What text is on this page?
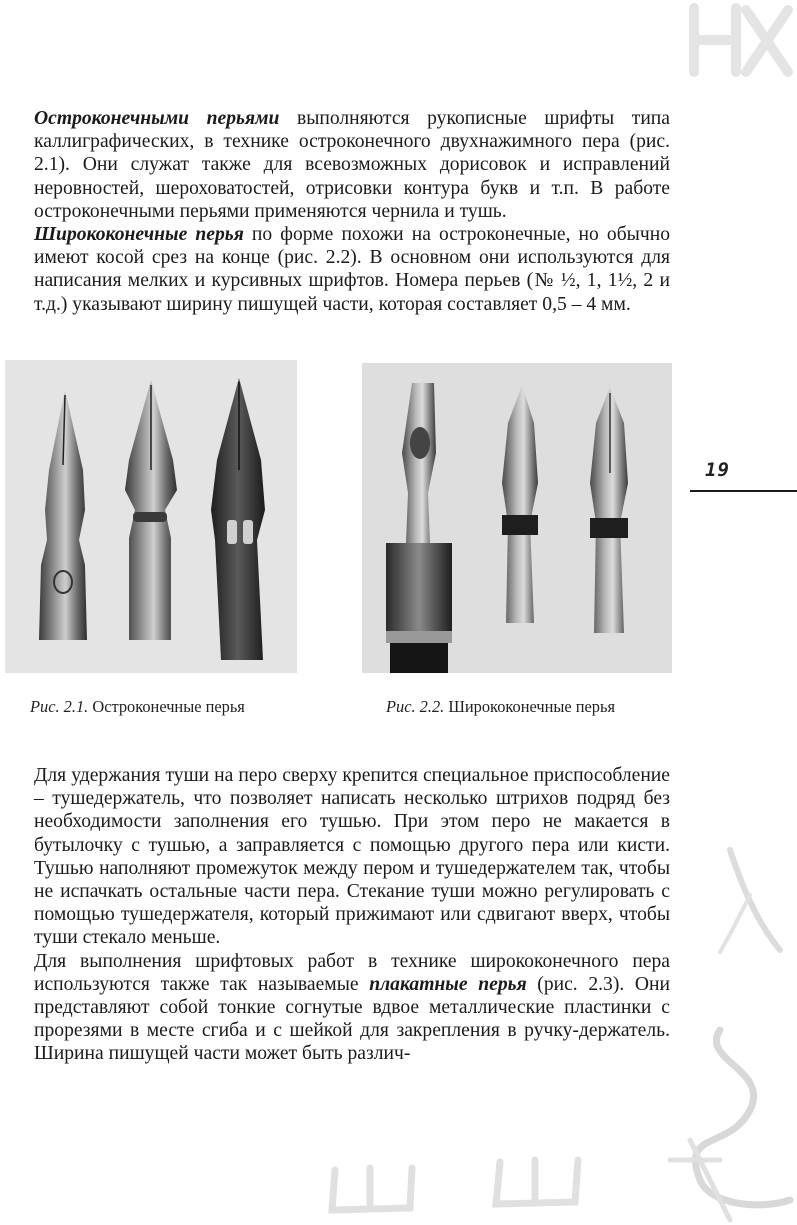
Остроконечными перьями выполняются рукописные шрифты типа каллиграфических, в технике остроконечного двухнажимного пера (рис. 2.1). Они служат также для всевозможных дорисовок и исправлений неровностей, шероховатостей, отрисовки контура букв и т.п. В работе остроконечными перьями применяются чернила и тушь.

Ширококонечные перья по форме похожи на остроконечные, но обычно имеют косой срез на конце (рис. 2.2). В основном они используются для написания мелких и курсивных шрифтов. Номера перьев (№ ½, 1, 1½, 2 и т.д.) указывают ширину пишущей части, которая составляет 0,5 – 4 мм.

Рис. 2.1. Остроконечные перья	Рис. 2.2. Ширококонечные перья
19

Для удержания туши на перо сверху крепится специальное приспособление – тушедержатель, что позволяет написать несколько штрихов подряд без необходимости заполнения его тушью. При этом перо не макается в бутылочку с тушью, а заправляется с помощью другого пера или кисти. Тушью наполняют промежуток между пером и тушедержателем так, чтобы не испачкать остальные части пера. Стекание туши можно регулировать с помощью тушедержателя, который прижимают или сдвигают вверх, чтобы туши стекало меньше.

Для выполнения шрифтовых работ в технике ширококонечного пера используются также так называемые плакатные перья (рис. 2.3). Они представляют собой тонкие согнутые вдвое металлические пластинки с прорезями в месте сгиба и с шейкой для закрепления в ручку-держатель. Ширина пишущей части может быть различ-
